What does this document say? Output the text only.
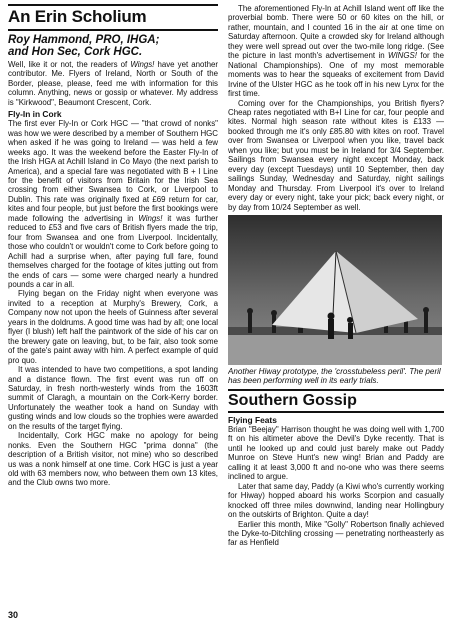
An Erin Scholium
Roy Hammond, PRO, IHGA;
and Hon Sec, Cork HGC.

Well, like it or not, the readers of Wings! have yet another contributor. Me. Flyers of Ireland, North or South of the Border, please, please, feed me with information for this column. Anything, news or gossip or whatever. My address is "Kirkwood", Beaumont Crescent, Cork.

Fly-In in Cork

The first ever Fly-In or Cork HGC — "that crowd of nonks" was how we were described by a member of Southern HGC when asked if he was going to Ireland — was held a few weeks ago. It was the weekend before the Easter Fly-In of the Irish HGA at Achill Island in Co Mayo (the next parish to America), and a special fare was negotiated with B + I Line for the benefit of visitors from Britain for the Irish Sea crossing from either Swansea to Cork, or Liverpool to Dublin. This rate was originally fixed at £69 return for car, kites and four people, but just before the first bookings were made following the advertising in Wings! it was further reduced to £53 and five cars of British flyers made the trip, four from Swansea and one from Liverpool. Incidentally, those who couldn't or wouldn't come to Cork before going to Achill had a surprise when, after paying full fare, found themselves charged for the footage of kites jutting out from the ends of cars — some were charged nearly a hundred pounds a car in all.

Flying began on the Friday night when everyone was invited to a reception at Murphy's Brewery, Cork, a Company now not upon the heels of Guinness after several years in the doldrums. A good time was had by all; one local flyer (I blush) left half the paintwork of the side of his car on the brewery gate on leaving, but, to be fair, also took some of the gate's paint away with him. A perfect example of quid pro quo.

It was intended to have two competitions, a spot landing and a distance flown. The first event was run off on Saturday, in fresh north-westerly winds from the 1603ft summit of Claragh, a mountain on the Cork-Kerry border. Unfortunately the weather took a hand on Sunday with gusting winds and low clouds so the trophies were awarded on the results of the target flying.

Incidentally, Cork HGC make no apology for being nonks. Even the Southern HGC "prima donna" (the description of a British visitor, not mine) who so described us was a nonk himself at one time. Cork HGC is just a year old with 63 members now, who between them own 13 kites, and the Club owns two more.

The aforementioned Fly-In at Achill Island went off like the proverbial bomb. There were 50 or 60 kites on the hill, or rather, mountain, and I counted 16 in the air at one time on Saturday afternoon. Quite a crowded sky for Ireland although they were well spread out over the two-mile long ridge. (See the picture in last month's advertisement in WINGS! for the National Championships). One of my most memorable moments was to hear the squeaks of excitement from David Irvine of the Ulster HGC as he took off in his new Lynx for the first time.

Coming over for the Championships, you British flyers? Cheap rates negotiated with B+I Line for car, four people and kites. Normal high season rate without kites is £133 — booked through me it's only £85.80 with kites on roof. Travel over from Swansea or Liverpool when you like, travel back when you like; but you must be in Ireland for 3/4 September. Sailings from Swansea every night except Monday, back every day (except Tuesdays) until 10 September, then day sailings Sunday, Wednesday and Saturday, night sailings Monday and Thursday. From Liverpool it's over to Ireland every day or every night, take your pick; back every night, or by day from 10/24 September as well.

Another Hiway prototype, the 'crosstubeless peril'. The peril has been performing well in its early trials.
Southern Gossip
Flying Feats

Brian "Beejay" Harrison thought he was doing well with 1,700 ft on his altimeter above the Devil's Dyke recently. That is until he looked up and could just barely make out Paddy Munroe on Steve Hunt's new wing! Brian and Paddy are calling it at least 3,000 ft and no-one who was there seems inclined to argue.

Later that same day, Paddy (a Kiwi who's currently working for Hiway) hopped aboard his works Scorpion and casually knocked off three miles downwind, landing near Hollingbury on the outskirts of Brighton. Quite a day!

Earlier this month, Mike "Golly" Robertson finally achieved the Dyke-to-Ditchling crossing — penetrating northeasterly as far as Henfield

30
